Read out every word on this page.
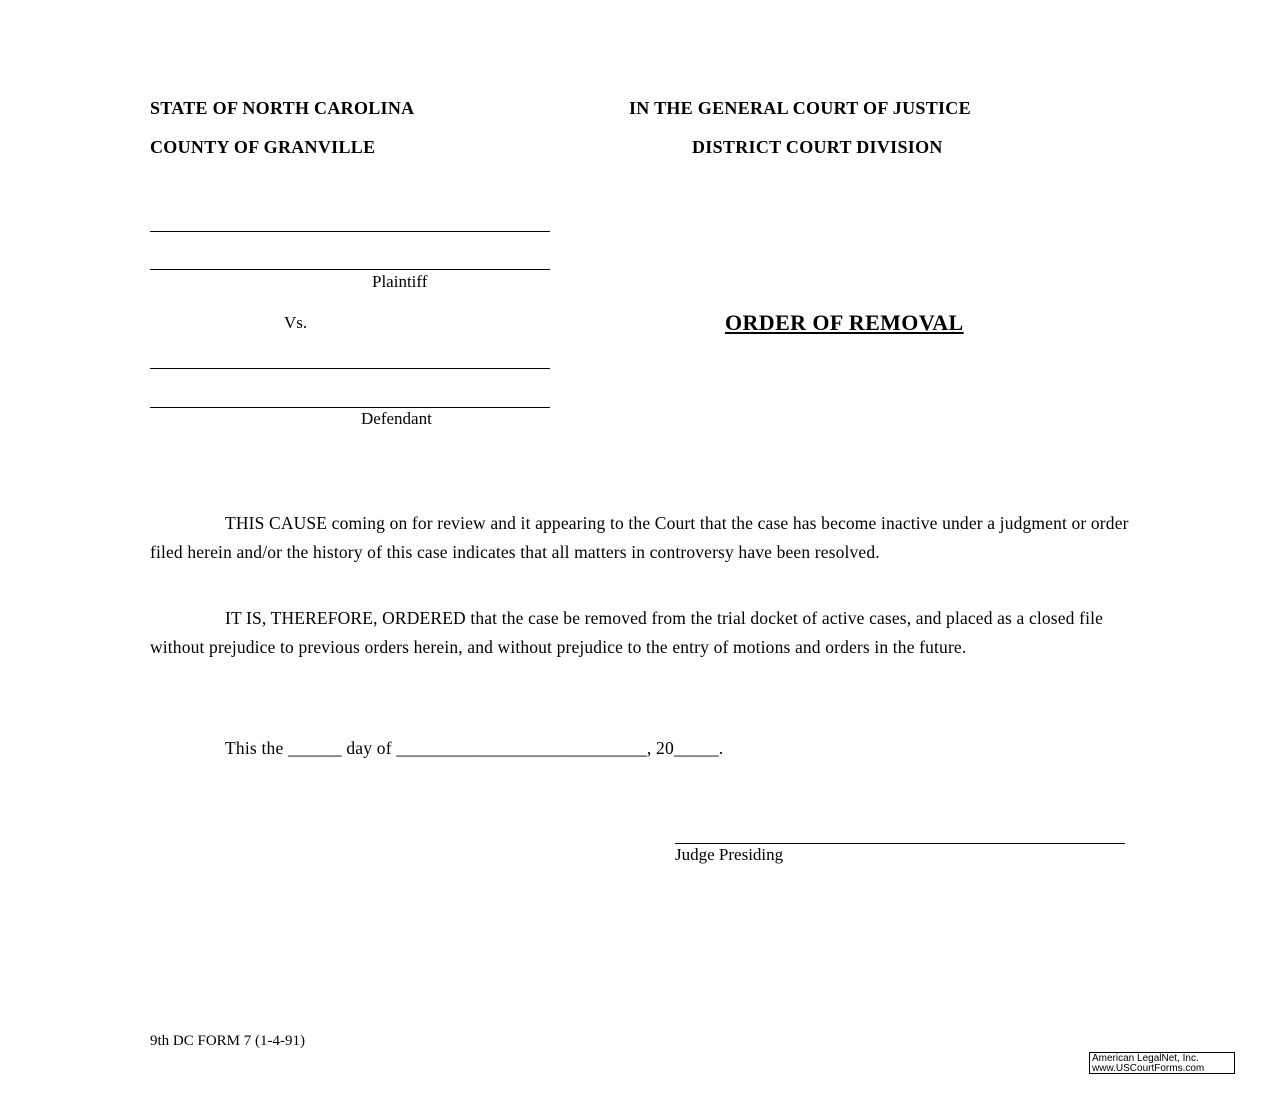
STATE OF NORTH CAROLINA
COUNTY OF GRANVILLE
IN THE GENERAL COURT OF JUSTICE
DISTRICT COURT DIVISION
Plaintiff
Vs.
Defendant
ORDER OF REMOVAL

THIS CAUSE coming on for review and it appearing to the Court that the case has become inactive under a judgment or order filed herein and/or the history of this case indicates that all matters in controversy have been resolved.

IT IS, THEREFORE, ORDERED that the case be removed from the trial docket of active cases, and placed as a closed file without prejudice to previous orders herein, and without prejudice to the entry of motions and orders in the future.

This the ______ day of ____________________________, 20_____.
Judge Presiding
9th DC FORM 7 (1-4-91)
American LegalNet, Inc.
www.USCourtForms.com
